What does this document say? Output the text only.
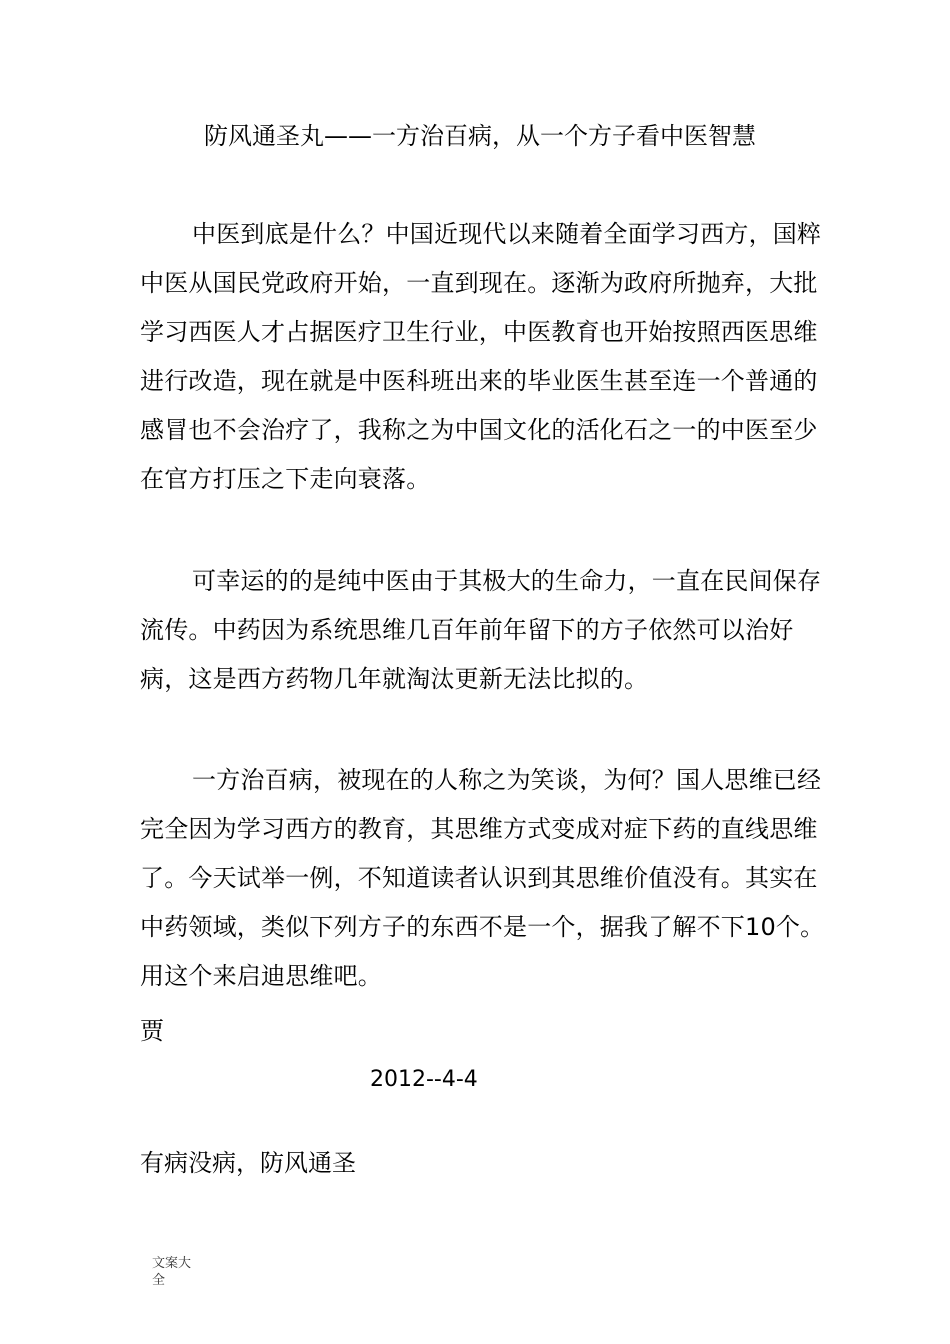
防风通圣丸——一方治百病，从一个方子看中医智慧
中医到底是什么？中国近现代以来随着全面学习西方，国粹中医从国民党政府开始，一直到现在。逐渐为政府所抛弃，大批学习西医人才占据医疗卫生行业，中医教育也开始按照西医思维进行改造，现在就是中医科班出来的毕业医生甚至连一个普通的感冒也不会治疗了，我称之为中国文化的活化石之一的中医至少在官方打压之下走向衰落。
可幸运的的是纯中医由于其极大的生命力，一直在民间保存流传。中药因为系统思维几百年前年留下的方子依然可以治好病，这是西方药物几年就淘汰更新无法比拟的。
一方治百病，被现在的人称之为笑谈，为何？国人思维已经完全因为学习西方的教育，其思维方式变成对症下药的直线思维了。今天试举一例，不知道读者认识到其思维价值没有。其实在中药领域，类似下列方子的东西不是一个，据我了解不下10个。用这个来启迪思维吧。
贾
2012--4-4
有病没病，防风通圣
文案大全
